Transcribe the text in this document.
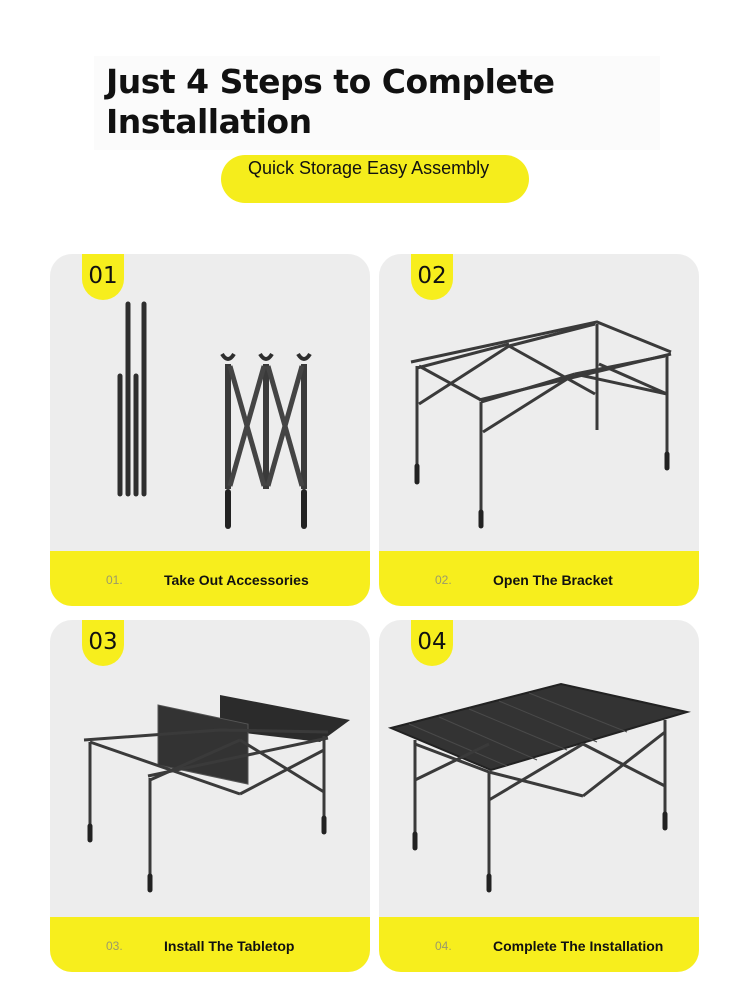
Just 4 Steps to Complete Installation
Quick Storage Easy Assembly
01
01.	Take Out Accessories
02
02.	Open The Bracket
03
03.	Install The Tabletop
04
04.	Complete The Installation
